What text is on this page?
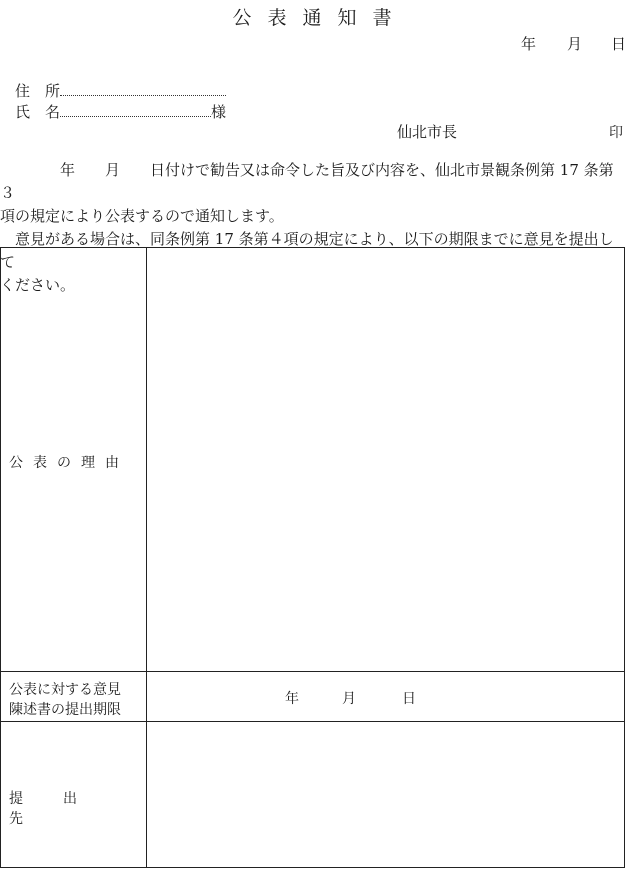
公表通知書
年 月 日
住　所
氏　名	様
仙北市長	印
年 月 日付けで勧告又は命令した旨及び内容を、仙北市景観条例第 17 条第３
項の規定により公表するので通知します。
　意見がある場合は、同条例第 17 条第４項の規定により、以下の期限までに意見を提出して
ください。
公表の理由
公表に対する意見
陳述書の提出期限
年	月	日
提　出　先
